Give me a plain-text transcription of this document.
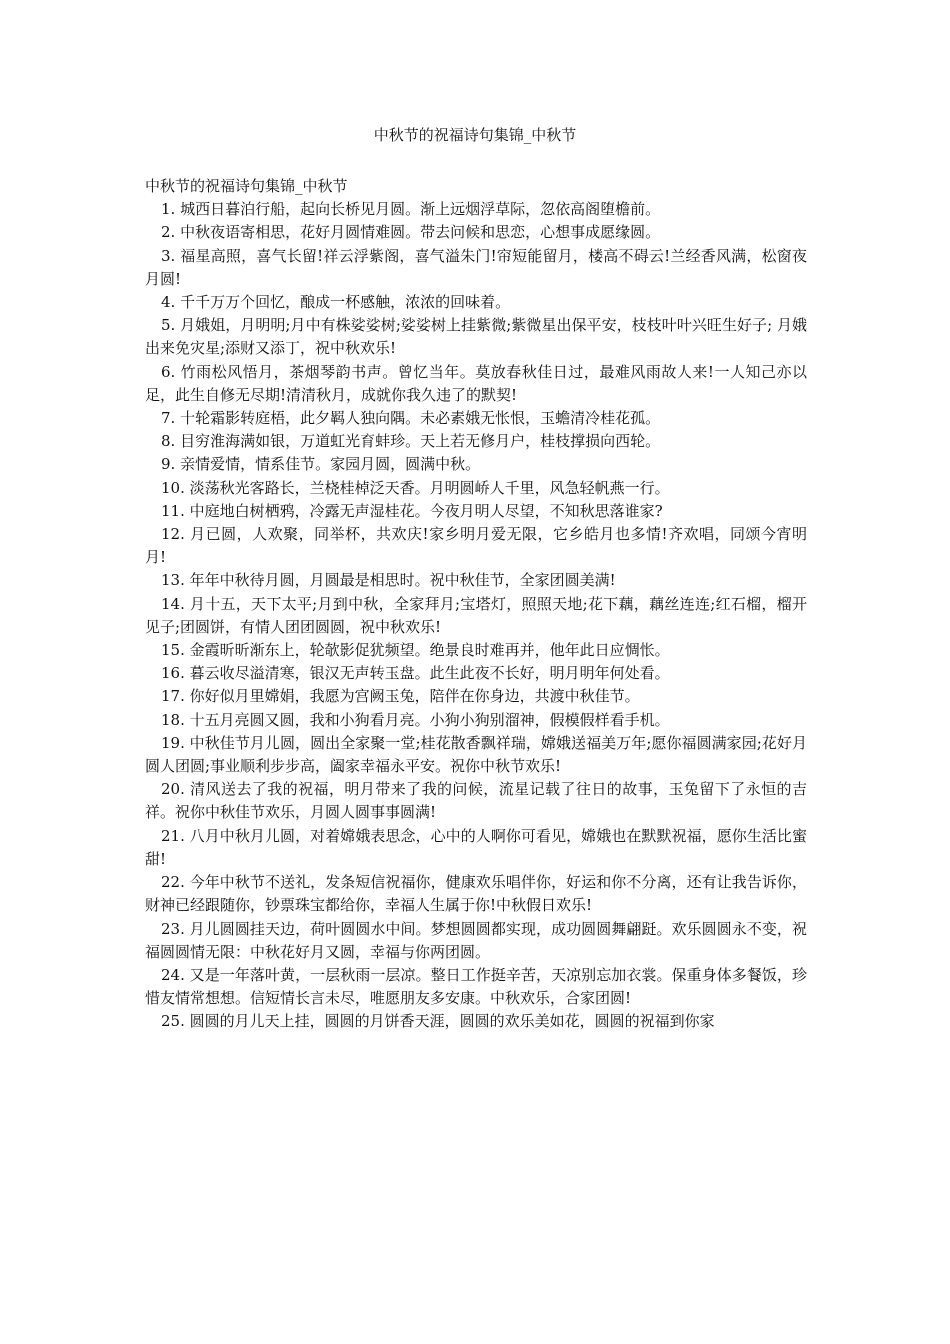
中秋节的祝福诗句集锦_中秋节

中秋节的祝福诗句集锦_中秋节

1. 城西日暮泊行船，起向长桥见月圆。渐上远烟浮草际，忽依高阁堕檐前。

2. 中秋夜语寄相思，花好月圆情难圆。带去问候和思恋，心想事成愿缘圆。

3. 福星高照，喜气长留!祥云浮紫阁，喜气溢朱门!帘短能留月，楼高不碍云!兰经香风满，松窗夜月圆!

4. 千千万万个回忆，酿成一杯感触，浓浓的回味着。

5. 月娥姐，月明明;月中有株娑娑树;娑娑树上挂紫微;紫微星出保平安，枝枝叶叶兴旺生好子; 月娥出来免灾星;添财又添丁，祝中秋欢乐!

6. 竹雨松风悟月，茶烟琴韵书声。曾忆当年。莫放春秋佳日过，最难风雨故人来!一人知己亦以足，此生自修无尽期!清清秋月，成就你我久违了的默契!

7. 十轮霜影转庭梧，此夕羁人独向隅。未必素娥无怅恨，玉蟾清冷桂花孤。

8. 目穷淮海满如银，万道虹光育蚌珍。天上若无修月户，桂枝撑损向西轮。

9. 亲情爱情，情系佳节。家园月圆，圆满中秋。

10. 淡荡秋光客路长，兰桡桂棹泛天香。月明圆峤人千里，风急轻帆燕一行。

11. 中庭地白树栖鸦，冷露无声湿桂花。今夜月明人尽望，不知秋思落谁家?

12. 月已圆，人欢聚，同举杯，共欢庆!家乡明月爱无限，它乡皓月也多情!齐欢唱，同颂今宵明月!

13. 年年中秋待月圆，月圆最是相思时。祝中秋佳节，全家团圆美满!

14. 月十五，天下太平;月到中秋，全家拜月;宝塔灯，照照天地;花下藕，藕丝连连;红石榴，榴开见子;团圆饼，有情人团团圆圆，祝中秋欢乐!

15. 金霞昕昕渐东上，轮欹影促犹频望。绝景良时难再并，他年此日应惆怅。

16. 暮云收尽溢清寒，银汉无声转玉盘。此生此夜不长好，明月明年何处看。

17. 你好似月里嫦娟，我愿为宫阙玉兔，陪伴在你身边，共渡中秋佳节。

18. 十五月亮圆又圆，我和小狗看月亮。小狗小狗别溜神，假模假样看手机。

19. 中秋佳节月儿圆，圆出全家聚一堂;桂花散香飘祥瑞，嫦娥送福美万年;愿你福圆满家园;花好月圆人团圆;事业顺利步步高，阖家幸福永平安。祝你中秋节欢乐!

20. 清风送去了我的祝福，明月带来了我的问候，流星记载了往日的故事，玉兔留下了永恒的吉祥。祝你中秋佳节欢乐，月圆人圆事事圆满!

21. 八月中秋月儿圆，对着嫦娥表思念，心中的人啊你可看见，嫦娥也在默默祝福，愿你生活比蜜甜!

22. 今年中秋节不送礼，发条短信祝福你，健康欢乐唱伴你，好运和你不分离，还有让我告诉你，财神已经跟随你，钞票珠宝都给你，幸福人生属于你!中秋假日欢乐!

23. 月儿圆圆挂天边，荷叶圆圆水中间。梦想圆圆都实现，成功圆圆舞翩跹。欢乐圆圆永不变，祝福圆圆情无限：中秋花好月又圆，幸福与你两团圆。

24. 又是一年落叶黄，一层秋雨一层凉。整日工作挺辛苦，天凉别忘加衣裳。保重身体多餐饭，珍惜友情常想想。信短情长言未尽，唯愿朋友多安康。中秋欢乐，合家团圆!

25. 圆圆的月儿天上挂，圆圆的月饼香天涯，圆圆的欢乐美如花，圆圆的祝福到你家
